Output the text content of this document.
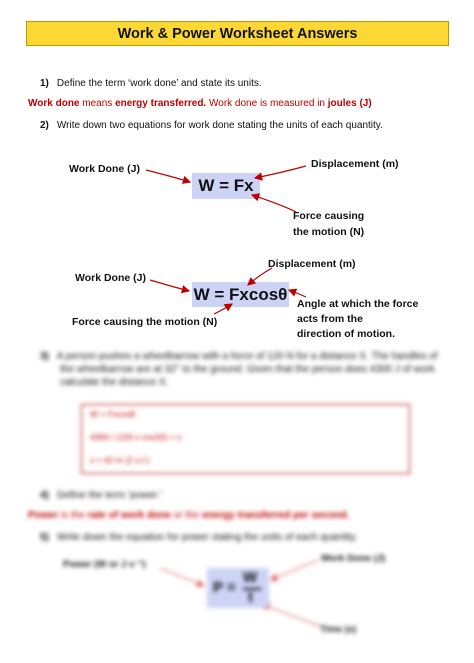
Work & Power Worksheet Answers
1) Define the term ‘work done’ and state its units.
Work done means energy transferred. Work done is measured in joules (J)
2) Write down two equations for work done stating the units of each quantity.
Work Done (J)	Displacement (m)
W = Fx
Force causing
the motion (N)
Displacement (m)
Work Done (J)
W = Fxcosθ
Angle at which the force
acts from the
direction of motion.
Force causing the motion (N)
3) A person pushes a wheelbarrow with a force of 120 N for a distance X. The handles of
the wheelbarrow are at 32° to the ground. Given that the person does 4300 J of work
calculate the distance X.
W = Fxcosθ
4300 / (120 x cos32) = x
x = 42 m (2 s.f.)
4) Define the term ‘power.’
Power is the rate of work done or the energy transferred per second.
5) Write down the equation for power stating the units of each quantity.
Power (W or J s⁻¹)
Work Done (J)
Time (s)
P =
W
t
